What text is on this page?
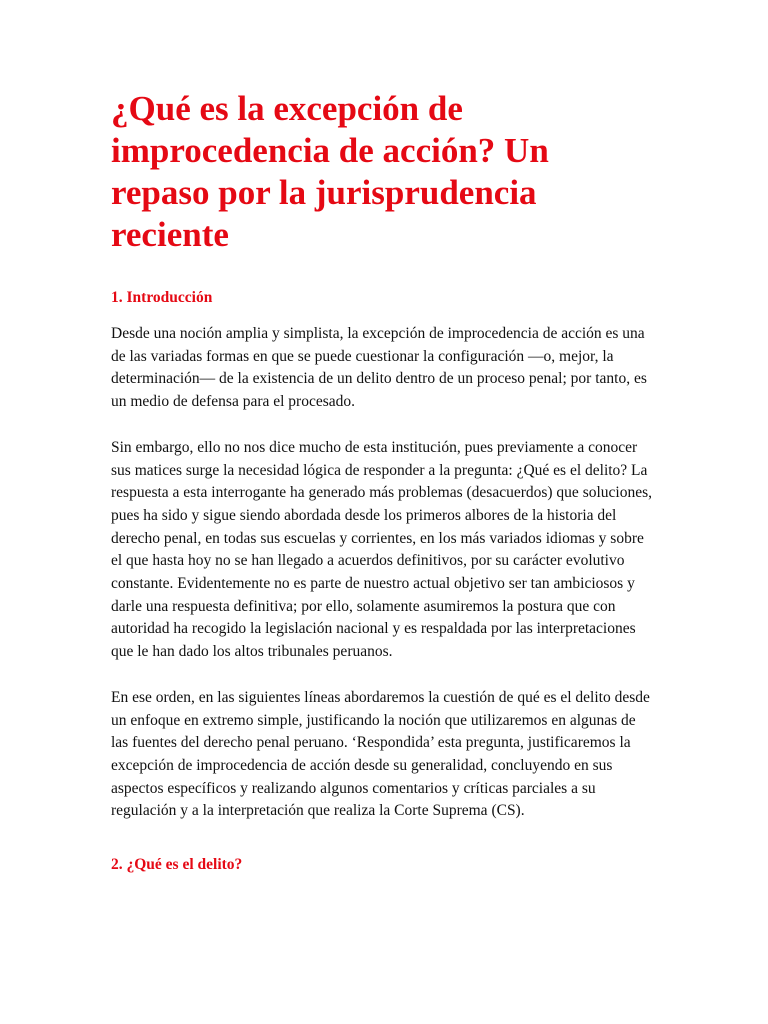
¿Qué es la excepción de improcedencia de acción? Un repaso por la jurisprudencia reciente
1. Introducción

Desde una noción amplia y simplista, la excepción de improcedencia de acción es una de las variadas formas en que se puede cuestionar la configuración —o, mejor, la determinación— de la existencia de un delito dentro de un proceso penal; por tanto, es un medio de defensa para el procesado.

Sin embargo, ello no nos dice mucho de esta institución, pues previamente a conocer sus matices surge la necesidad lógica de responder a la pregunta: ¿Qué es el delito? La respuesta a esta interrogante ha generado más problemas (desacuerdos) que soluciones, pues ha sido y sigue siendo abordada desde los primeros albores de la historia del derecho penal, en todas sus escuelas y corrientes, en los más variados idiomas y sobre el que hasta hoy no se han llegado a acuerdos definitivos, por su carácter evolutivo constante. Evidentemente no es parte de nuestro actual objetivo ser tan ambiciosos y darle una respuesta definitiva; por ello, solamente asumiremos la postura que con autoridad ha recogido la legislación nacional y es respaldada por las interpretaciones que le han dado los altos tribunales peruanos.

En ese orden, en las siguientes líneas abordaremos la cuestión de qué es el delito desde un enfoque en extremo simple, justificando la noción que utilizaremos en algunas de las fuentes del derecho penal peruano. ‘Respondida’ esta pregunta, justificaremos la excepción de improcedencia de acción desde su generalidad, concluyendo en sus aspectos específicos y realizando algunos comentarios y críticas parciales a su regulación y a la interpretación que realiza la Corte Suprema (CS).

2. ¿Qué es el delito?
